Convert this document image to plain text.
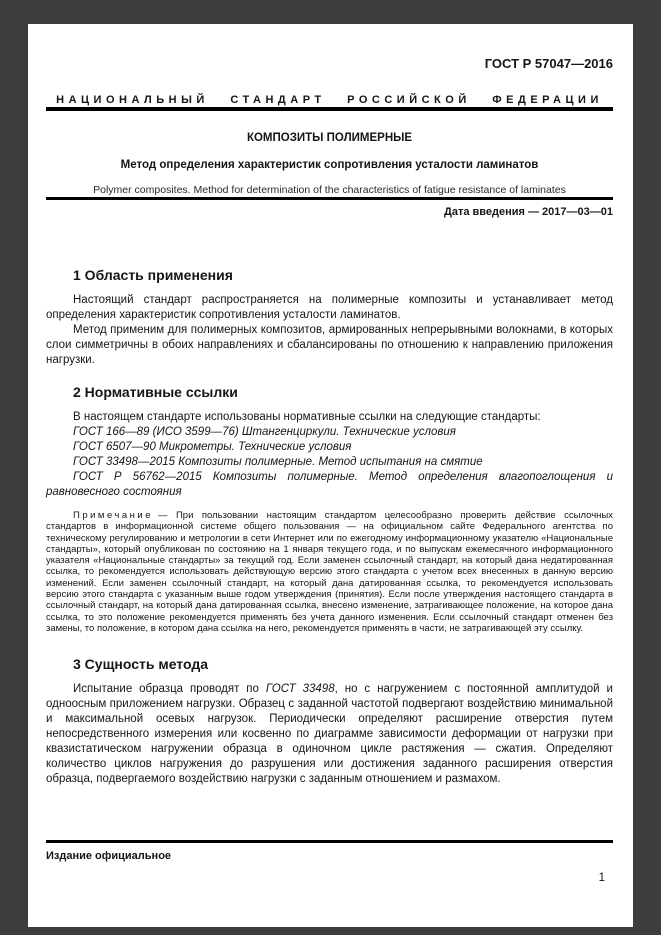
ГОСТ Р 57047—2016
НАЦИОНАЛЬНЫЙ СТАНДАРТ РОССИЙСКОЙ ФЕДЕРАЦИИ
КОМПОЗИТЫ ПОЛИМЕРНЫЕ
Метод определения характеристик сопротивления усталости ламинатов
Polymer composites. Method for determination of the characteristics of fatigue resistance of laminates
Дата введения — 2017—03—01
1 Область применения

Настоящий стандарт распространяется на полимерные композиты и устанавливает метод определения характеристик сопротивления усталости ламинатов.

Метод применим для полимерных композитов, армированных непрерывными волокнами, в которых слои симметричны в обоих направлениях и сбалансированы по отношению к направлению приложения нагрузки.

2 Нормативные ссылки

В настоящем стандарте использованы нормативные ссылки на следующие стандарты:

ГОСТ 166—89 (ИСО 3599—76) Штангенциркули. Технические условия

ГОСТ 6507—90 Микрометры. Технические условия

ГОСТ 33498—2015 Композиты полимерные. Метод испытания на смятие

ГОСТ Р 56762—2015 Композиты полимерные. Метод определения влагопоглощения и равновесного состояния

Примечание — При пользовании настоящим стандартом целесообразно проверить действие ссылочных стандартов в информационной системе общего пользования — на официальном сайте Федерального агентства по техническому регулированию и метрологии в сети Интернет или по ежегодному информационному указателю «Национальные стандарты», который опубликован по состоянию на 1 января текущего года, и по выпускам ежемесячного информационного указателя «Национальные стандарты» за текущий год. Если заменен ссылочный стандарт, на который дана недатированная ссылка, то рекомендуется использовать действующую версию этого стандарта с учетом всех внесенных в данную версию изменений. Если заменен ссылочный стандарт, на который дана датированная ссылка, то рекомендуется использовать версию этого стандарта с указанным выше годом утверждения (принятия). Если после утверждения настоящего стандарта в ссылочный стандарт, на который дана датированная ссылка, внесено изменение, затрагивающее положение, на которое дана ссылка, то это положение рекомендуется применять без учета данного изменения. Если ссылочный стандарт отменен без замены, то положение, в котором дана ссылка на него, рекомендуется применять в части, не затрагивающей эту ссылку.

3 Сущность метода

Испытание образца проводят по ГОСТ 33498, но с нагружением с постоянной амплитудой и одноосным приложением нагрузки. Образец с заданной частотой подвергают воздействию минимальной и максимальной осевых нагрузок. Периодически определяют расширение отверстия путем непосредственного измерения или косвенно по диаграмме зависимости деформации от нагрузки при квазистатическом нагружении образца в одиночном цикле растяжения — сжатия. Определяют количество циклов нагружения до разрушения или достижения заданного расширения отверстия образца, подвергаемого воздействию нагрузки с заданным отношением и размахом.

Издание официальное
1
